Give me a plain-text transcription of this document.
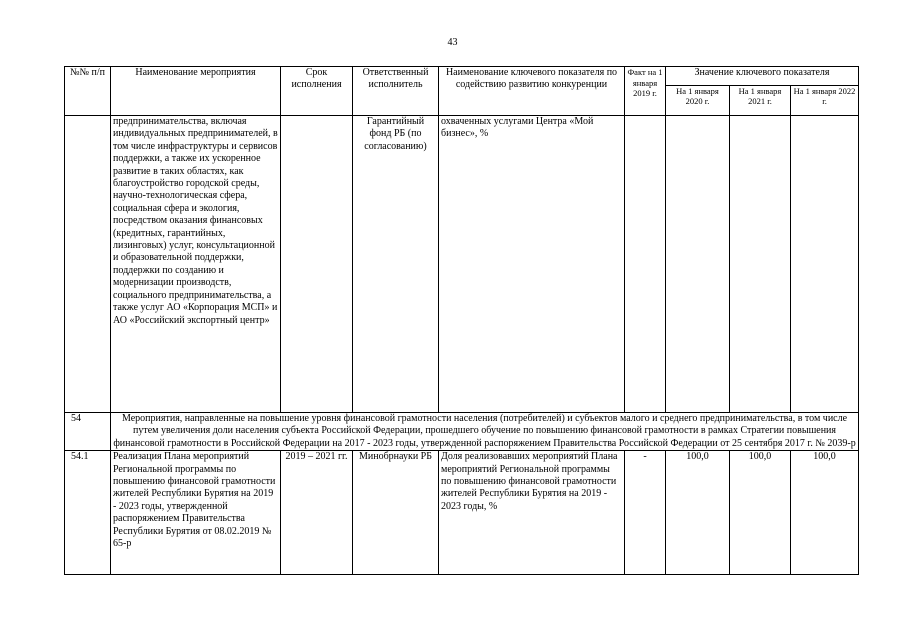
43
№№ п/п	Наименование мероприятия	Срок исполнения	Ответственный исполнитель	Наименование ключевого показателя по содействию развитию конкуренции	Факт на 1 января 2019 г.	Значение ключевого показателя		
						На 1 января 2020 г.	На 1 января 2021 г.	На 1 января 2022 г.
	предпринимательства, включая индивидуальных предпринимателей, в том числе инфраструктуры и сервисов поддержки, а также их ускоренное развитие в таких областях, как благоустройство городской среды, научно-технологическая сфера, социальная сфера и экология, посредством оказания финансовых (кредитных, гарантийных, лизинговых) услуг, консультационной и образовательной поддержки, поддержки по созданию и модернизации производств, социального предпринимательства, а также услуг АО «Корпорация МСП» и АО «Российский экспортный центр»		Гарантийный фонд РБ (по согласованию)	охваченных услугами Центра «Мой бизнес», %				
54	Мероприятия, направленные на повышение уровня финансовой грамотности населения (потребителей) и субъектов малого и среднего предпринимательства, в том числе путем увеличения доли населения субъекта Российской Федерации, прошедшего обучение по повышению финансовой грамотности в рамках Стратегии повышения финансовой грамотности в Российской Федерации на 2017 - 2023 годы, утвержденной распоряжением Правительства Российской Федерации от 25 сентября 2017 г. № 2039-р							
54.1	Реализация Плана мероприятий Региональной программы по повышению финансовой грамотности жителей Республики Бурятия на 2019 - 2023 годы, утвержденной распоряжением Правительства Республики Бурятия от 08.02.2019 № 65-р	2019 – 2021 гг.	Минобрнауки РБ	Доля реализовавших мероприятий Плана мероприятий Региональной программы по повышению финансовой грамотности жителей Республики Бурятия на 2019 - 2023 годы, %	-	100,0	100,0	100,0
